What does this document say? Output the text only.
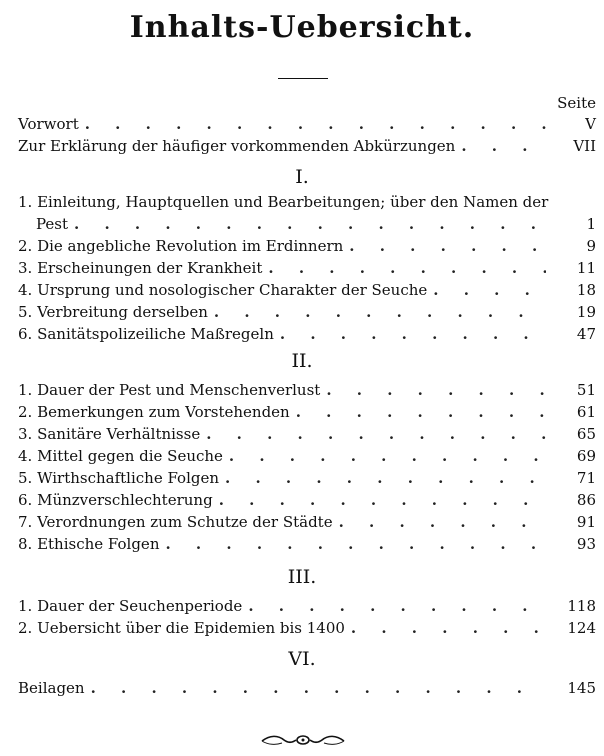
Inhalts-Uebersicht.
Seite
Vorwort . . .	V
Zur Erklärung der häufiger vorkommenden Abkürzungen . . .	VII
I.
1. Einleitung, Hauptquellen und Bearbeitungen; über den Namen der
Pest . . .	1
2. Die angebliche Revolution im Erdinnern . . .	9
3. Erscheinungen der Krankheit . . .	11
4. Ursprung und nosologischer Charakter der Seuche . . .	18
5. Verbreitung derselben . . .	19
6. Sanitätspolizeiliche Maßregeln . . .	47
II.
1. Dauer der Pest und Menschenverlust . . .	51
2. Bemerkungen zum Vorstehenden . . .	61
3. Sanitäre Verhältnisse . . .	65
4. Mittel gegen die Seuche . . .	69
5. Wirthschaftliche Folgen . . .	71
6. Münzverschlechterung . . .	86
7. Verordnungen zum Schutze der Städte . . .	91
8. Ethische Folgen . . .	93
III.
1. Dauer der Seuchenperiode . . .	118
2. Uebersicht über die Epidemien bis 1400 . . .	124
VI.
Beilagen . . .	145
